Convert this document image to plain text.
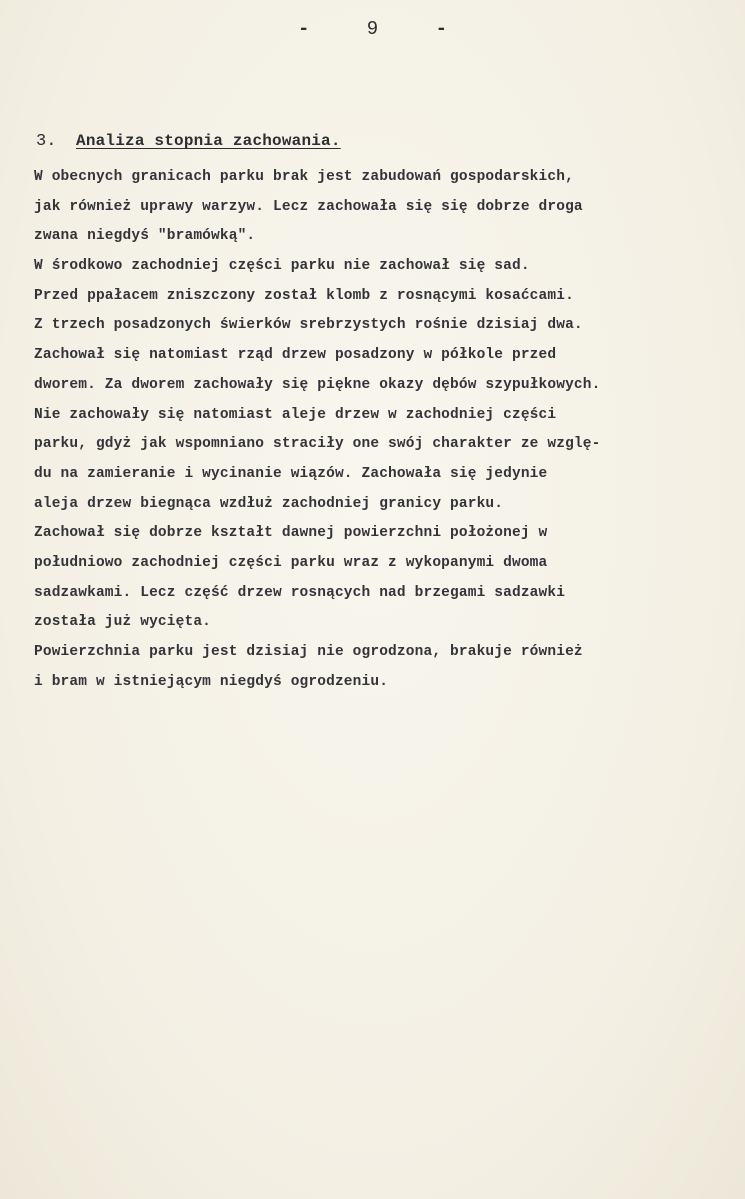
-	9	-
3. Analiza stopnia zachowania.
W obecnych granicach parku brak jest zabudowań gospodarskich,
jak również uprawy warzyw. Lecz zachowała się się dobrze droga
zwana niegdyś "bramówką".
W środkowo zachodniej części parku nie zachował się sad.
Przed ppałacem zniszczony został klomb z rosnącymi kosaćcami.
Z trzech posadzonych świerków srebrzystych rośnie dzisiaj dwa.
Zachował się natomiast rząd drzew posadzony w półkole przed
dworem. Za dworem zachowały się piękne okazy dębów szypułkowych.
Nie zachowały się natomiast aleje drzew w zachodniej części
parku, gdyż jak wspomniano straciły one swój charakter ze wzglę-
du na zamieranie i wycinanie wiązów. Zachowała się jedynie
aleja drzew biegnąca wzdłuż zachodniej granicy parku.
Zachował się dobrze kształt dawnej powierzchni położonej w
południowo zachodniej części parku wraz z wykopanymi dwoma
sadzawkami. Lecz część drzew rosnących nad brzegami sadzawki
została już wycięta.
Powierzchnia parku jest dzisiaj nie ogrodzona, brakuje również
i bram w istniejącym niegdyś ogrodzeniu.
